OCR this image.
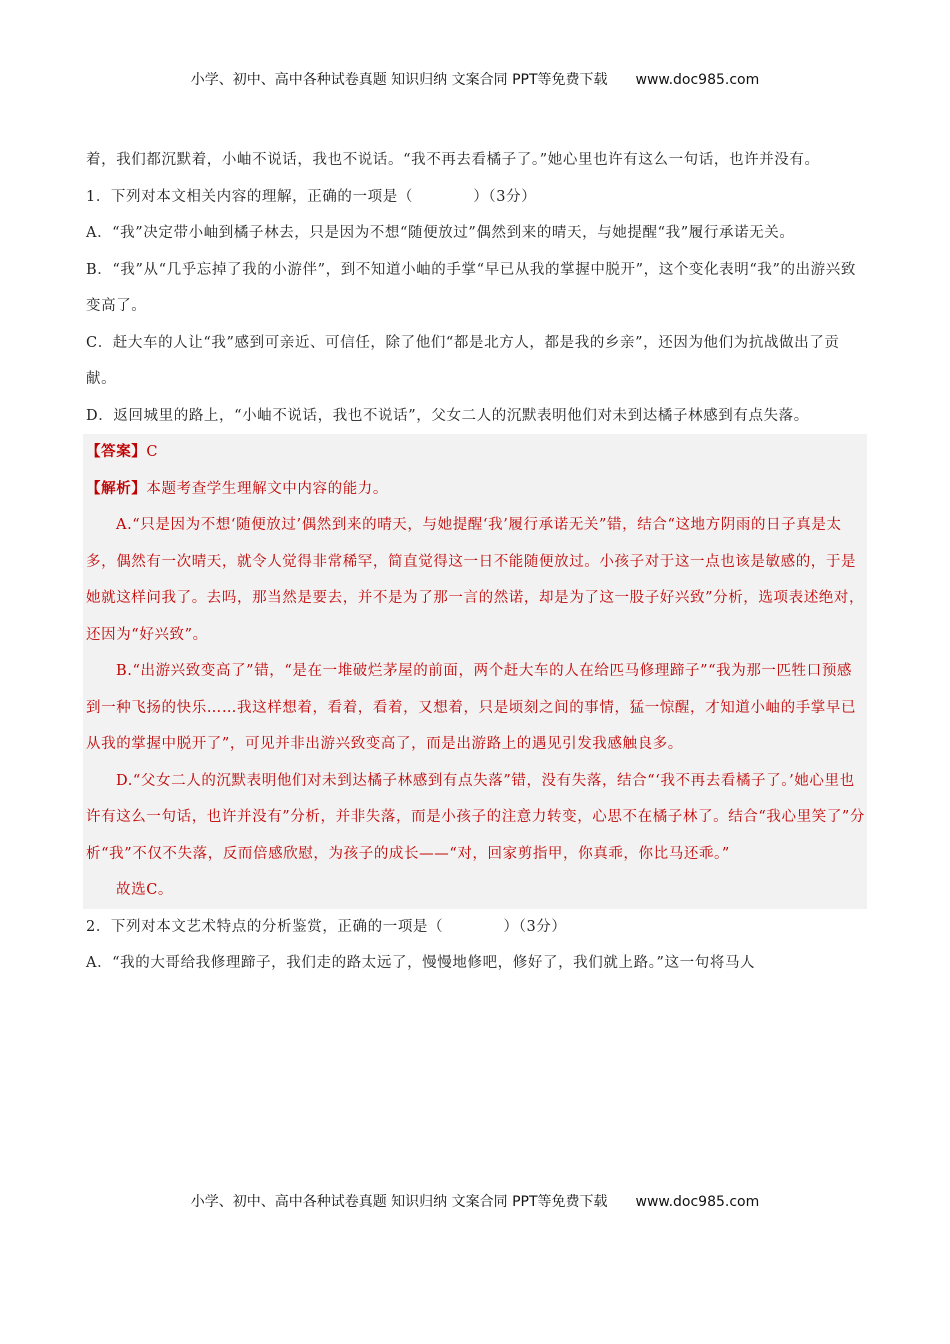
小学、初中、高中各种试卷真题 知识归纳 文案合同 PPT等免费下载 www.doc985.com

着，我们都沉默着，小岫不说话，我也不说话。“我不再去看橘子了。”她心里也许有这么一句话，也许并没有。

1．下列对本文相关内容的理解，正确的一项是（　　　　）（3分）

A．“我”决定带小岫到橘子林去，只是因为不想“随便放过”偶然到来的晴天，与她提醒“我”履行承诺无关。

B．“我”从“几乎忘掉了我的小游伴”，到不知道小岫的手掌“早已从我的掌握中脱开”，这个变化表明“我”的出游兴致变高了。

C．赶大车的人让“我”感到可亲近、可信任，除了他们“都是北方人，都是我的乡亲”，还因为他们为抗战做出了贡献。

D．返回城里的路上，“小岫不说话，我也不说话”，父女二人的沉默表明他们对未到达橘子林感到有点失落。

【答案】C

【解析】本题考查学生理解文中内容的能力。

A.“只是因为不想‘随便放过’偶然到来的晴天，与她提醒‘我’履行承诺无关”错，结合“这地方阴雨的日子真是太多，偶然有一次晴天，就令人觉得非常稀罕，简直觉得这一日不能随便放过。小孩子对于这一点也该是敏感的，于是她就这样问我了。去吗，那当然是要去，并不是为了那一言的然诺，却是为了这一股子好兴致”分析，选项表述绝对，还因为“好兴致”。

B.“出游兴致变高了”错，“是在一堆破烂茅屋的前面，两个赶大车的人在给匹马修理蹄子”“我为那一匹牲口预感到一种飞扬的快乐……我这样想着，看着，看着，又想着，只是顷刻之间的事情，猛一惊醒，才知道小岫的手掌早已从我的掌握中脱开了”，可见并非出游兴致变高了，而是出游路上的遇见引发我感触良多。

D.“父女二人的沉默表明他们对未到达橘子林感到有点失落”错，没有失落，结合“‘我不再去看橘子了。’她心里也许有这么一句话，也许并没有”分析，并非失落，而是小孩子的注意力转变，心思不在橘子林了。结合“我心里笑了”分析“我”不仅不失落，反而倍感欣慰，为孩子的成长——“对，回家剪指甲，你真乖，你比马还乖。”

故选C。

2．下列对本文艺术特点的分析鉴赏，正确的一项是（　　　　）（3分）

A．“我的大哥给我修理蹄子，我们走的路太远了，慢慢地修吧，修好了，我们就上路。”这一句将马人

小学、初中、高中各种试卷真题 知识归纳 文案合同 PPT等免费下载 www.doc985.com
